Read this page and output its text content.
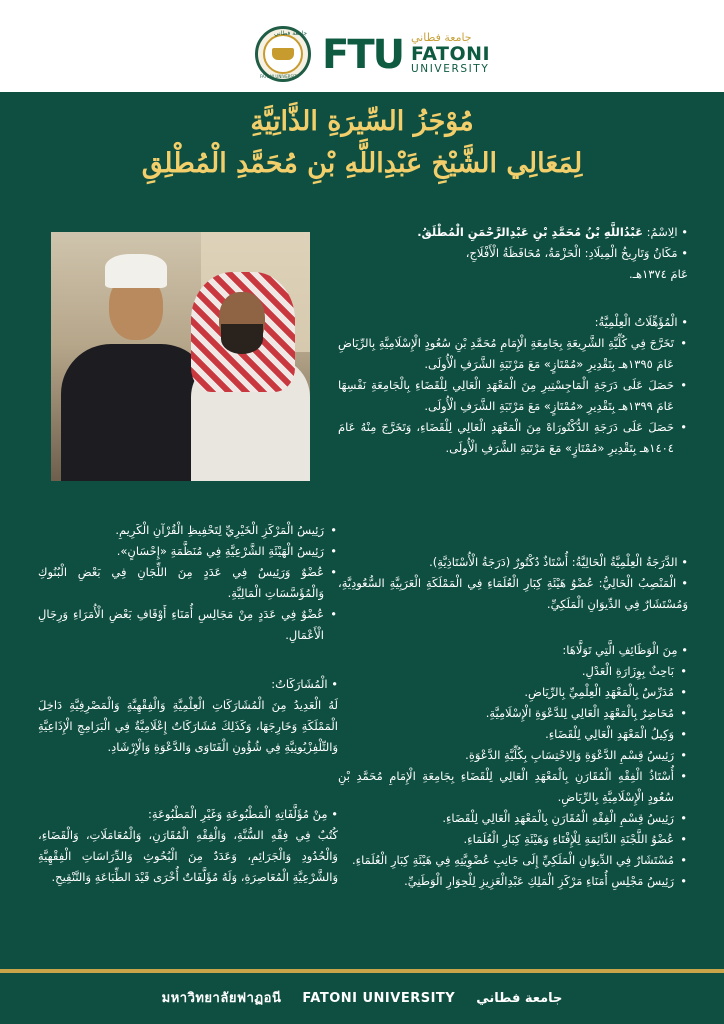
جامعة فطاني
FATONI UNIVERSITY FTU جامعة فطاني
FATONI
UNIVERSITY
مُوْجَزُ السِّيرَةِ الذَّاتِيَّةِ
لِمَعَالِي الشَّيْخِ عَبْدِاللَّهِ بْنِ مُحَمَّدِ الْمُطْلِقِ

• الِاسْمُ: عَبْدُاللَّهِ بْنُ مُحَمَّدِ بْنِ عَبْدِالرَّحْمَنِ الْمُطْلَقُ.

• مَكَانُ وَتَارِيخُ الْمِيلَادِ: الْحَزْمَةُ، مُحَافَظَةُ الْأَفْلَاجِ،

عَامَ ١٣٧٤هـ.

• الْمُؤَهِّلَاتُ الْعِلْمِيَّةُ:

• تَخَرَّجَ فِي كُلِّيَّةِ الشَّرِيعَةِ بِجَامِعَةِ الْإِمَامِ مُحَمَّدِ بْنِ سُعُودٍ الْإِسْلَامِيَّةِ بِالرِّيَاضِ عَامَ ١٣٩٥هـ بِتَقْدِيرِ «مُمْتَازٍ» مَعَ مَرْتَبَةِ الشَّرَفِ الْأُولَى.
• حَصَلَ عَلَى دَرَجَةِ الْمَاجِسْتِيرِ مِنَ الْمَعْهَدِ الْعَالِي لِلْقَضَاءِ بِالْجَامِعَةِ نَفْسِهَا عَامَ ١٣٩٩هـ بِتَقْدِيرِ «مُمْتَازٍ» مَعَ مَرْتَبَةِ الشَّرَفِ الْأُولَى.
• حَصَلَ عَلَى دَرَجَةِ الدُّكْتُورَاهْ مِنَ الْمَعْهَدِ الْعَالِي لِلْقَضَاءِ، وَتَخَرَّجَ مِنْهُ عَامَ ١٤٠٤هـ بِتَقْدِيرِ «مُمْتَازٍ» مَعَ مَرْتَبَةِ الشَّرَفِ الْأُولَى.

• الدَّرَجَةُ الْعِلْمِيَّةُ الْحَالِيَّةُ: أُسْتَاذٌ دُكْتُورٌ (دَرَجَةُ الْأُسْتَاذِيَّةِ).

• الْمَنْصِبُ الْحَالِيُّ: عُضْوُ هَيْئَةِ كِبَارِ الْعُلَمَاءِ فِي الْمَمْلَكَةِ الْعَرَبِيَّةِ السُّعُودِيَّةِ، وَمُسْتَشَارٌ فِي الدِّيوَانِ الْمَلَكِيِّ.

• مِنَ الْوَظَائِفِ الَّتِي تَوَلَّاهَا:

• بَاحِثٌ بِوِزَارَةِ الْعَدْلِ.
• مُدَرِّسٌ بِالْمَعْهَدِ الْعِلْمِيِّ بِالرِّيَاضِ.
• مُحَاضِرٌ بِالْمَعْهَدِ الْعَالِي لِلدَّعْوَةِ الْإِسْلَامِيَّةِ.
• وَكِيلُ الْمَعْهَدِ الْعَالِي لِلْقَضَاءِ.
• رَئِيسُ قِسْمِ الدَّعْوَةِ وَالِاحْتِسَابِ بِكُلِّيَّةِ الدَّعْوَةِ.
• أُسْتَاذُ الْفِقْهِ الْمُقَارَنِ بِالْمَعْهَدِ الْعَالِي لِلْقَضَاءِ بِجَامِعَةِ الْإِمَامِ مُحَمَّدِ بْنِ سُعُودٍ الْإِسْلَامِيَّةِ بِالرِّيَاضِ.
• رَئِيسُ قِسْمِ الْفِقْهِ الْمُقَارَنِ بِالْمَعْهَدِ الْعَالِي لِلْقَضَاءِ.
• عُضْوُ اللَّجْنَةِ الدَّائِمَةِ لِلْإِفْتَاءِ وَهَيْئَةِ كِبَارِ الْعُلَمَاءِ.
• مُسْتَشَارٌ فِي الدِّيوَانِ الْمَلَكِيِّ إِلَى جَانِبِ عُضْوِيَّتِهِ فِي هَيْئَةِ كِبَارِ الْعُلَمَاءِ.
• رَئِيسُ مَجْلِسِ أُمَنَاءِ مَرْكَزِ الْمَلِكِ عَبْدِالْعَزِيزِ لِلْحِوَارِ الْوَطَنِيِّ.
• رَئِيسُ الْمَرْكَزِ الْخَيْرِيِّ لِتَحْفِيظِ الْقُرْآنِ الْكَرِيمِ.
• رَئِيسُ الْهَيْئَةِ الشَّرْعِيَّةِ فِي مُنَظَّمَةِ «إِحْسَانٍ».
• عُضْوٌ وَرَئِيسٌ فِي عَدَدٍ مِنَ اللِّجَانِ فِي بَعْضِ الْبُنُوكِ وَالْمُؤَسَّسَاتِ الْمَالِيَّةِ.
• عُضْوٌ فِي عَدَدٍ مِنْ مَجَالِسِ أُمَنَاءِ أَوْقَافِ بَعْضِ الْأُمَرَاءِ وَرِجَالِ الْأَعْمَالِ.

• الْمُشَارَكَاتُ:

لَهُ الْعَدِيدُ مِنَ الْمُشَارَكَاتِ الْعِلْمِيَّةِ وَالْفِقْهِيَّةِ وَالْمَصْرِفِيَّةِ دَاخِلَ الْمَمْلَكَةِ وَخَارِجَهَا، وَكَذَلِكَ مُشَارَكَاتٌ إِعْلَامِيَّةٌ فِي الْبَرَامِجِ الْإِذَاعِيَّةِ وَالتِّلْفِزْيُونِيَّةِ فِي شُؤُونِ الْفَتَاوَى وَالدَّعْوَةِ وَالْإِرْشَادِ.

• مِنْ مُؤَلَّفَاتِهِ الْمَطْبُوعَةِ وَغَيْرِ الْمَطْبُوعَةِ:

كُتُبٌ فِي فِقْهِ السُّنَّةِ، وَالْفِقْهِ الْمُقَارَنِ، وَالْمُعَامَلَاتِ، وَالْقَضَاءِ، وَالْحُدُودِ وَالْجَرَائِمِ، وَعَدَدٌ مِنَ الْبُحُوثِ وَالدِّرَاسَاتِ الْفِقْهِيَّةِ وَالشَّرْعِيَّةِ الْمُعَاصِرَةِ، وَلَهُ مُؤَلَّفَاتٌ أُخْرَى قَيْدَ الطِّبَاعَةِ وَالتَّنْقِيحِ.

มหาวิทยาลัยฟาฏอนี FATONI UNIVERSITY جامعة فطاني
